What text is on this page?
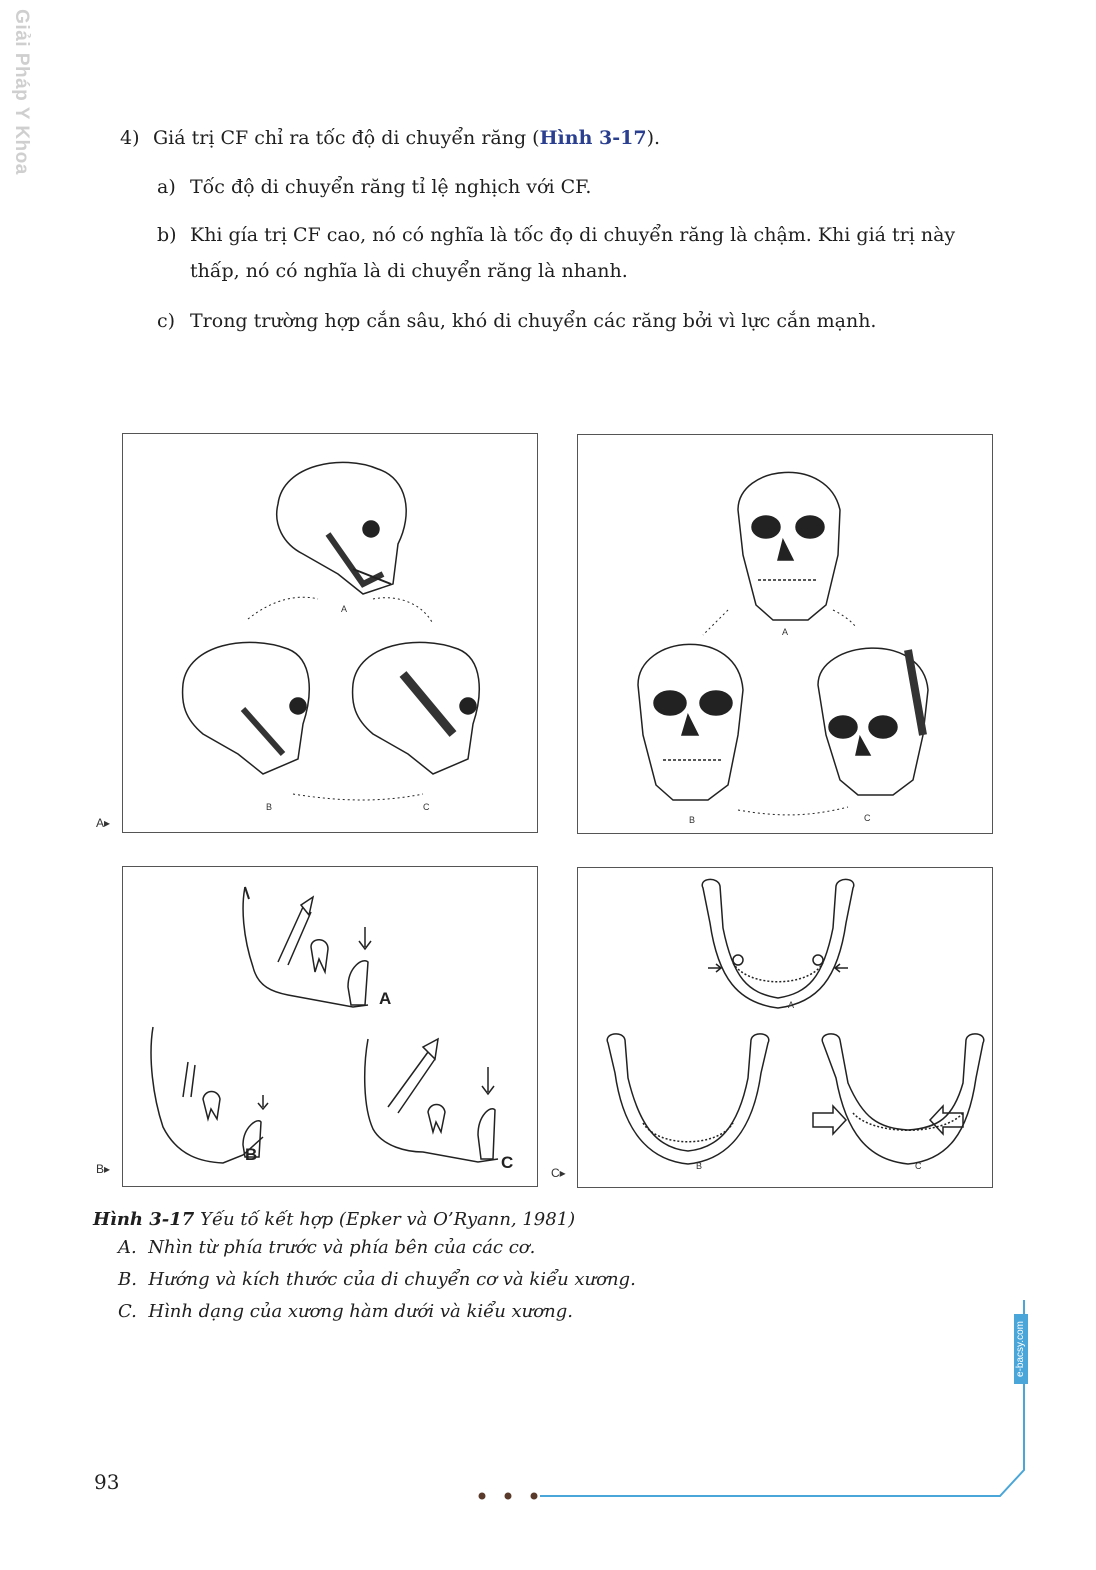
Giải Pháp Y Khoa	4) Giá trị CF chỉ ra tốc độ di chuyển răng (Hình 3-17).
a) Tốc độ di chuyển răng tỉ lệ nghịch với CF.
b) Khi gía trị CF cao, nó có nghĩa là tốc đọ di chuyển răng là chậm. Khi giá trị này
thấp, nó có nghĩa là di chuyển răng là nhanh.
c) Trong trường hợp cắn sâu, khó di chuyển các răng bởi vì lực cắn mạnh.
A
B	C
A▸
A
B	C
A
B	C
B▸
A
B	C
C▸
Hình 3-17 Yếu tố kết hợp (Epker và O’Ryann, 1981)
A. Nhìn từ phía trước và phía bên của các cơ.
B. Hướng và kích thước của di chuyển cơ và kiểu xương.
C. Hình dạng của xương hàm dưới và kiểu xương.
e-bacsy.com
93
